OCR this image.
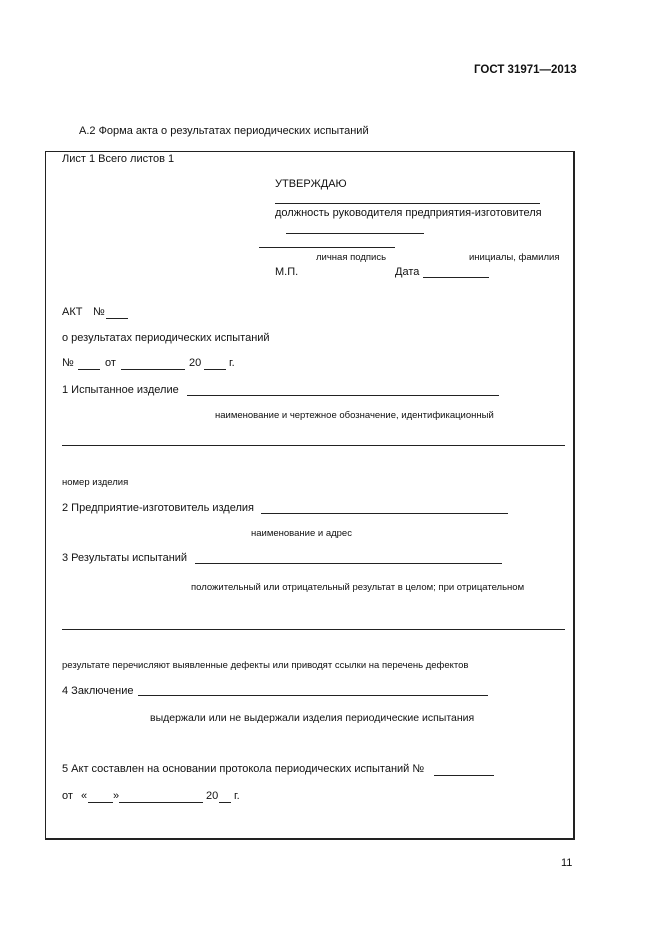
ГОСТ 31971—2013
А.2 Форма акта о результатах периодических испытаний
Лист 1 Всего листов 1
УТВЕРЖДАЮ
должность руководителя предприятия-изготовителя
личная подпись	инициалы, фамилия
М.П.	Дата
АКТ №
о результатах периодических испытаний
№	от	20	г.
1 Испытанное изделие
наименование и чертежное обозначение, идентификационный
номер изделия
2 Предприятие-изготовитель изделия
наименование и адрес
3 Результаты испытаний
положительный или отрицательный результат в целом; при отрицательном
результате перечисляют выявленные дефекты или приводят ссылки на перечень дефектов
4 Заключение
выдержали или не выдержали изделия периодические испытания
5 Акт составлен на основании протокола периодических испытаний №
от « »	20 г.
11
